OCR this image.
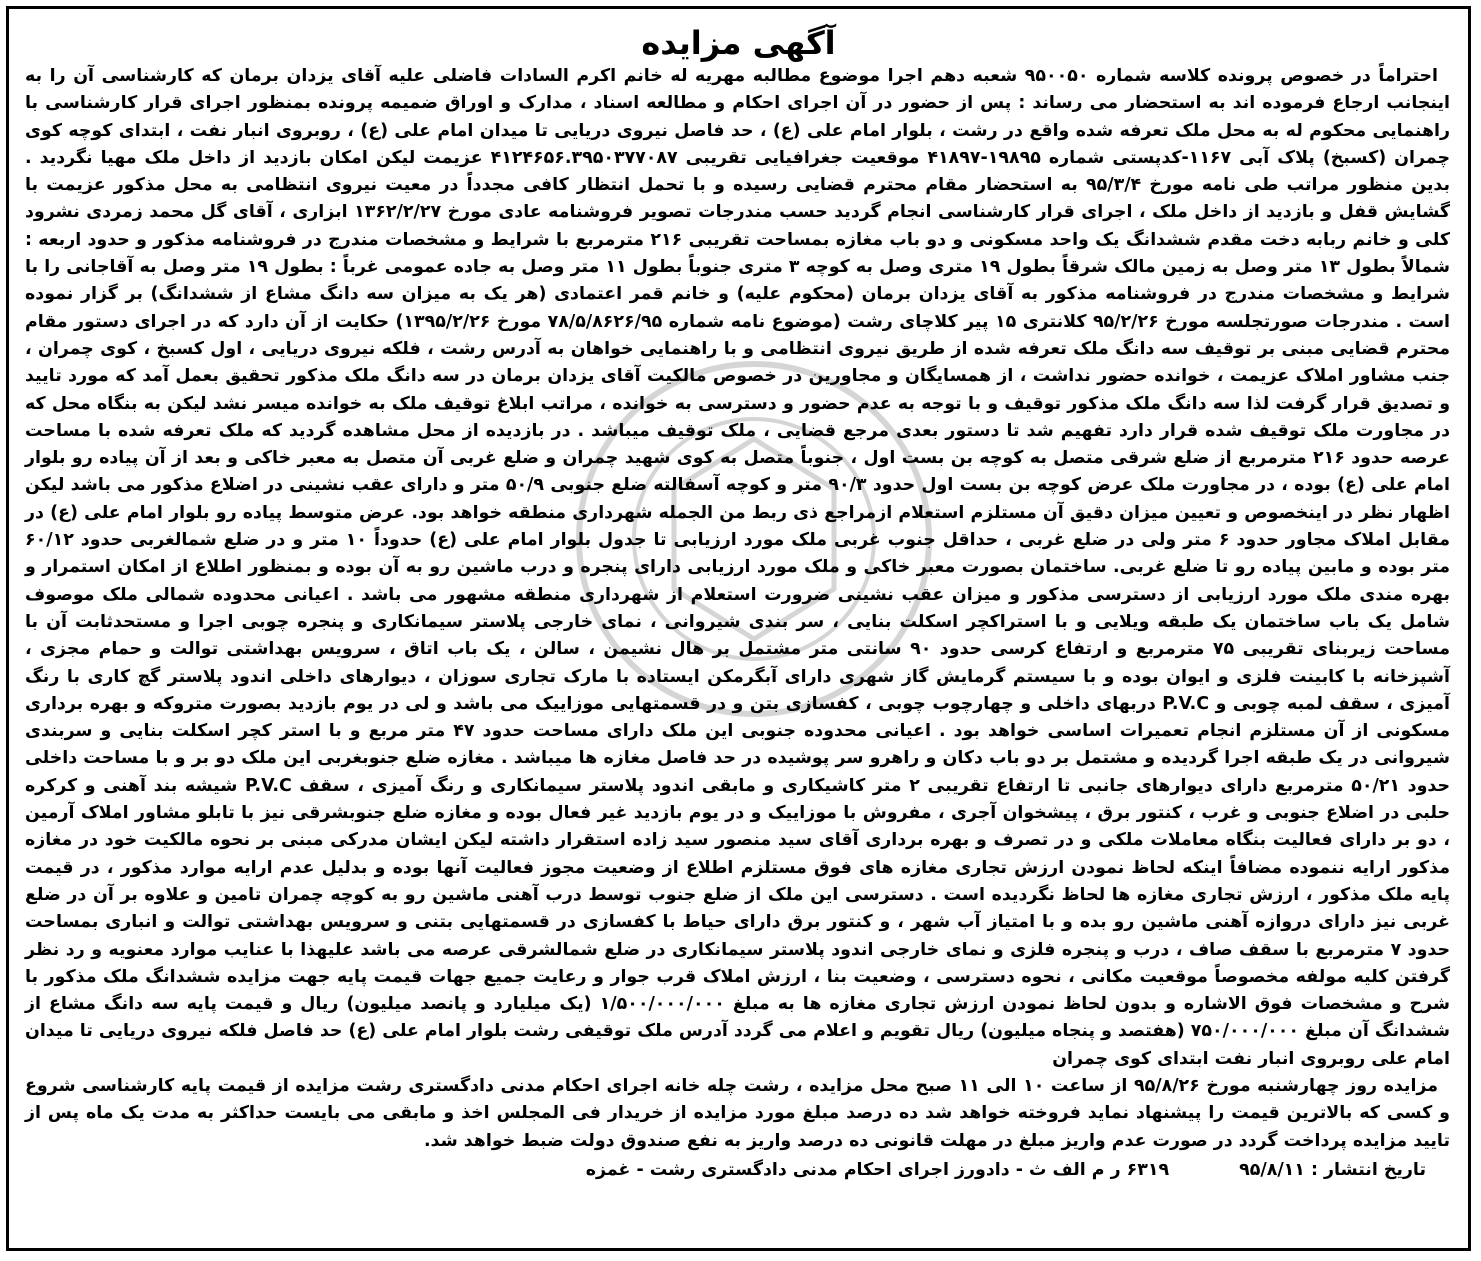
آگهی مزایده

احتراماً در خصوص پرونده کلاسه شماره ۹۵۰۰۵۰ شعبه دهم اجرا موضوع مطالبه مهریه له خانم اکرم السادات فاضلی علیه آقای یزدان برمان که کارشناسی آن را به اینجانب ارجاع فرموده اند به استحضار می رساند : پس از حضور در آن اجرای احکام و مطالعه اسناد ، مدارک و اوراق ضمیمه پرونده بمنظور اجرای قرار کارشناسی با راهنمایی محکوم له به محل ملک تعرفه شده واقع در رشت ، بلوار امام علی (ع) ، حد فاصل نیروی دریایی تا میدان امام علی (ع) ، روبروی انبار نفت ، ابتدای کوچه کوی چمران (کسبخ) پلاک آبی ۱۱۶۷-کدپستی شماره ۱۹۸۹۵-۴۱۸۹۷ موقعیت جغرافیایی تقریبی ۴۱۲۴۶۵۶.۳۹۵۰۳۷۷۰۸۷ عزیمت لیکن امکان بازدید از داخل ملک مهیا نگردید . بدین منظور مراتب طی نامه مورخ ۹۵/۳/۴ به استحضار مقام محترم قضایی رسیده و با تحمل انتظار کافی مجدداً در معیت نیروی انتظامی به محل مذکور عزیمت با گشایش قفل و بازدید از داخل ملک ، اجرای قرار کارشناسی انجام گردید حسب مندرجات تصویر فروشنامه عادی مورخ ۱۳۶۲/۲/۲۷ ابزاری ، آقای گل محمد زمردی نشرود کلی و خانم ربابه دخت مقدم ششدانگ یک واحد مسکونی و دو باب مغازه بمساحت تقریبی ۲۱۶ مترمربع با شرایط و مشخصات مندرج در فروشنامه مذکور و حدود اربعه : شمالاً بطول ۱۳ متر وصل به زمین مالک شرقاً بطول ۱۹ متری وصل به کوچه ۳ متری جنوباً بطول ۱۱ متر وصل به جاده عمومی غرباً : بطول ۱۹ متر وصل به آقاجانی را با شرایط و مشخصات مندرج در فروشنامه مذکور به آقای یزدان برمان (محکوم علیه) و خانم قمر اعتمادی (هر یک به میزان سه دانگ مشاع از ششدانگ) بر گزار نموده است . مندرجات صورتجلسه مورخ ۹۵/۲/۲۶ کلانتری ۱۵ پیر کلاچای رشت (موضوع نامه شماره ۷۸/۵/۸۶۲۶/۹۵ مورخ ۱۳۹۵/۲/۲۶) حکایت از آن دارد که در اجرای دستور مقام محترم قضایی مبنی بر توقیف سه دانگ ملک تعرفه شده از طریق نیروی انتظامی و با راهنمایی خواهان به آدرس رشت ، فلکه نیروی دریایی ، اول کسبخ ، کوی چمران ، جنب مشاور املاک عزیمت ، خوانده حضور نداشت ، از همسایگان و مجاورین در خصوص مالکیت آقای یزدان برمان در سه دانگ ملک مذکور تحقیق بعمل آمد که مورد تایید و تصدیق قرار گرفت لذا سه دانگ ملک مذکور توقیف و با توجه به عدم حضور و دسترسی به خوانده ، مراتب ابلاغ توقیف ملک به خوانده میسر نشد لیکن به بنگاه محل که در مجاورت ملک توقیف شده قرار دارد تفهیم شد تا دستور بعدی مرجع قضایی ، ملک توقیف میباشد . در بازدیده از محل مشاهده گردید که ملک تعرفه شده با مساحت عرصه حدود ۲۱۶ مترمربع از ضلع شرقی متصل به کوچه بن بست اول ، جنوباً متصل به کوی شهید چمران و ضلع غربی آن متصل به معبر خاکی و بعد از آن پیاده رو بلوار امام علی (ع) بوده ، در مجاورت ملک عرض کوچه بن بست اول حدود ۹۰/۳ متر و کوچه آسفالته ضلع جنوبی ۵۰/۹ متر و دارای عقب نشینی در اضلاع مذکور می باشد لیکن اظهار نظر در اینخصوص و تعیین میزان دقیق آن مستلزم استعلام ازمراجع ذی ربط من الجمله شهرداری منطقه خواهد بود. عرض متوسط پیاده رو بلوار امام علی (ع) در مقابل املاک مجاور حدود ۶ متر ولی در ضلع غربی ، حداقل جنوب غربی ملک مورد ارزیابی تا جدول بلوار امام علی (ع) حدوداً ۱۰ متر و در ضلع شمالغربی حدود ۶۰/۱۲ متر بوده و مابین پیاده رو تا ضلع غربی. ساختمان بصورت معبر خاکی و ملک مورد ارزیابی دارای پنجره و درب ماشین رو به آن بوده و بمنظور اطلاع از امکان استمرار و بهره مندی ملک مورد ارزیابی از دسترسی مذکور و میزان عقب نشینی ضرورت استعلام از شهرداری منطقه مشهور می باشد . اعیانی محدوده شمالی ملک موصوف شامل یک باب ساختمان یک طبقه ویلایی و با استراکچر اسکلت بنایی ، سر بندی شیروانی ، نمای خارجی پلاستر سیمانکاری و پنجره چوبی اجرا و مستحدثابت آن با مساحت زیربنای تقریبی ۷۵ مترمربع و ارتفاع کرسی حدود ۹۰ سانتی متر مشتمل بر هال نشیمن ، سالن ، یک باب اتاق ، سرویس بهداشتی توالت و حمام مجزی ، آشپزخانه با کابینت فلزی و ایوان بوده و با سیستم گرمایش گاز شهری دارای آبگرمکن ایستاده با مارک تجاری سوزان ، دیوارهای داخلی اندود پلاستر گچ کاری با رنگ آمیزی ، سقف لمبه چوبی و P.V.C دربهای داخلی و چهارچوب چوبی ، کفسازی بتن و در قسمتهایی موزاییک می باشد و لی در یوم بازدید بصورت متروکه و بهره برداری مسکونی از آن مستلزم انجام تعمیرات اساسی خواهد بود . اعیانی محدوده جنوبی این ملک دارای مساحت حدود ۴۷ متر مربع و با استر کچر اسکلت بنایی و سربندی شیروانی در یک طبقه اجرا گردیده و مشتمل بر دو باب دکان و راهرو سر پوشیده در حد فاصل مغازه ها میباشد . مغازه ضلع جنوبغربی این ملک دو بر و با مساحت داخلی حدود ۵۰/۲۱ مترمربع دارای دیوارهای جانبی تا ارتفاع تقریبی ۲ متر کاشیکاری و مابقی اندود پلاستر سیمانکاری و رنگ آمیزی ، سقف P.V.C شیشه بند آهنی و کرکره حلبی در اضلاع جنوبی و غرب ، کنتور برق ، پیشخوان آجری ، مفروش با موزاییک و در یوم بازدید غیر فعال بوده و مغازه ضلع جنوبشرقی نیز با تابلو مشاور املاک آرمین ، دو بر دارای فعالیت بنگاه معاملات ملکی و در تصرف و بهره برداری آقای سید منصور سید زاده استقرار داشته لیکن ایشان مدرکی مبنی بر نحوه مالکیت خود در مغازه مذکور ارایه ننموده مضافاً اینکه لحاظ نمودن ارزش تجاری مغازه های فوق مستلزم اطلاع از وضعیت مجوز فعالیت آنها بوده و بدلیل عدم ارایه موارد مذکور ، در قیمت پایه ملک مذکور ، ارزش تجاری مغازه ها لحاظ نگردیده است . دسترسی این ملک از ضلع جنوب توسط درب آهنی ماشین رو به کوچه چمران تامین و علاوه بر آن در ضلع غربی نیز دارای دروازه آهنی ماشین رو بده و با امتیاز آب شهر ، و کنتور برق دارای حیاط با کفسازی در قسمتهایی بتنی و سرویس بهداشتی توالت و انباری بمساحت حدود ۷ مترمربع با سقف صاف ، درب و پنجره فلزی و نمای خارجی اندود پلاستر سیمانکاری در ضلع شمالشرقی عرصه می باشد علیهذا با عنایب موارد معنویه و رد نظر گرفتن کلیه مولفه مخصوصاً موقعیت مکانی ، نحوه دسترسی ، وضعیت بنا ، ارزش املاک قرب جوار و رعایت جمیع جهات قیمت پایه جهت مزایده ششدانگ ملک مذکور با شرح و مشخصات فوق الاشاره و بدون لحاظ نمودن ارزش تجاری مغازه ها به مبلغ ۱/۵۰۰/۰۰۰/۰۰۰ (یک میلیارد و پانصد میلیون) ریال و قیمت پایه سه دانگ مشاع از ششدانگ آن مبلغ ۷۵۰/۰۰۰/۰۰۰ (هفتصد و پنجاه میلیون) ریال تقویم و اعلام می گردد آدرس ملک توقیفی رشت بلوار امام علی (ع) حد فاصل فلکه نیروی دریایی تا میدان امام علی روبروی انبار نفت ابتدای کوی چمران

مزایده روز چهارشنبه مورخ ۹۵/۸/۲۶ از ساعت ۱۰ الی ۱۱ صبح محل مزایده ، رشت چله خانه اجرای احکام مدنی دادگستری رشت مزایده از قیمت پایه کارشناسی شروع و کسی که بالاترین قیمت را پیشنهاد نماید فروخته خواهد شد ده درصد مبلغ مورد مزایده از خریدار فی المجلس اخذ و مابقی می بایست حداکثر به مدت یک ماه پس از تایید مزایده پرداخت گردد در صورت عدم واریز مبلغ در مهلت قانونی ده درصد واریز به نفع صندوق دولت ضبط خواهد شد.

تاریخ انتشار : ۹۵/۸/۱۱
۶۳۱۹ ر م الف ث - دادورز اجرای احکام مدنی دادگستری رشت - غمزه
